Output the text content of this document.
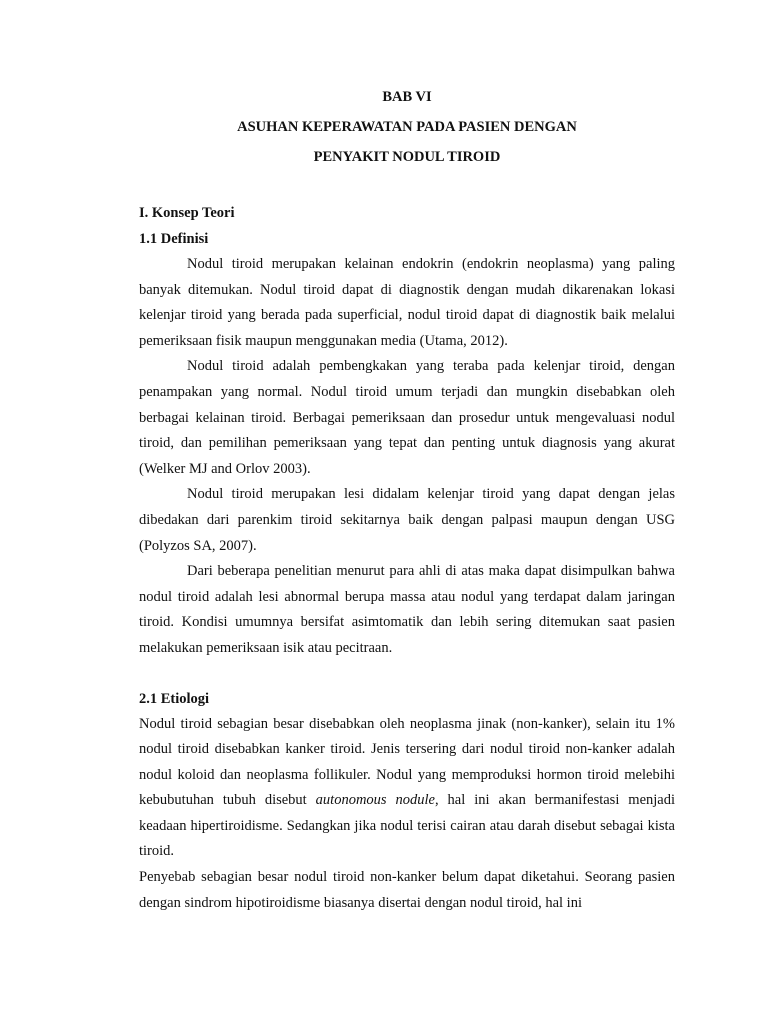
BAB VI

ASUHAN KEPERAWATAN PADA PASIEN DENGAN

PENYAKIT NODUL TIROID

I. Konsep Teori

1.1 Definisi

Nodul tiroid merupakan kelainan endokrin (endokrin neoplasma) yang paling banyak ditemukan. Nodul tiroid dapat di diagnostik dengan mudah dikarenakan lokasi kelenjar tiroid yang berada pada superficial, nodul tiroid dapat di diagnostik baik melalui pemeriksaan fisik maupun menggunakan media (Utama, 2012).

Nodul tiroid adalah pembengkakan yang teraba pada kelenjar tiroid, dengan penampakan yang normal. Nodul tiroid umum terjadi dan mungkin disebabkan oleh berbagai kelainan tiroid. Berbagai pemeriksaan dan prosedur untuk mengevaluasi nodul tiroid, dan pemilihan pemeriksaan yang tepat dan penting untuk diagnosis yang akurat (Welker MJ and Orlov 2003).

Nodul tiroid merupakan lesi didalam kelenjar tiroid yang dapat dengan jelas dibedakan dari parenkim tiroid sekitarnya baik dengan palpasi maupun dengan USG (Polyzos SA, 2007).

Dari beberapa penelitian menurut para ahli di atas maka dapat disimpulkan bahwa nodul tiroid adalah lesi abnormal berupa massa atau nodul yang terdapat dalam jaringan tiroid. Kondisi umumnya bersifat asimtomatik dan lebih sering ditemukan saat pasien melakukan pemeriksaan isik atau pecitraan.

2.1 Etiologi

Nodul tiroid sebagian besar disebabkan oleh neoplasma jinak (non-kanker), selain itu 1% nodul tiroid disebabkan kanker tiroid. Jenis tersering dari nodul tiroid non-kanker adalah nodul koloid dan neoplasma follikuler. Nodul yang memproduksi hormon tiroid melebihi kebubutuhan tubuh disebut autonomous nodule, hal ini akan bermanifestasi menjadi keadaan hipertiroidisme. Sedangkan jika nodul terisi cairan atau darah disebut sebagai kista tiroid.

Penyebab sebagian besar nodul tiroid non-kanker belum dapat diketahui. Seorang pasien dengan sindrom hipotiroidisme biasanya disertai dengan nodul tiroid, hal ini
